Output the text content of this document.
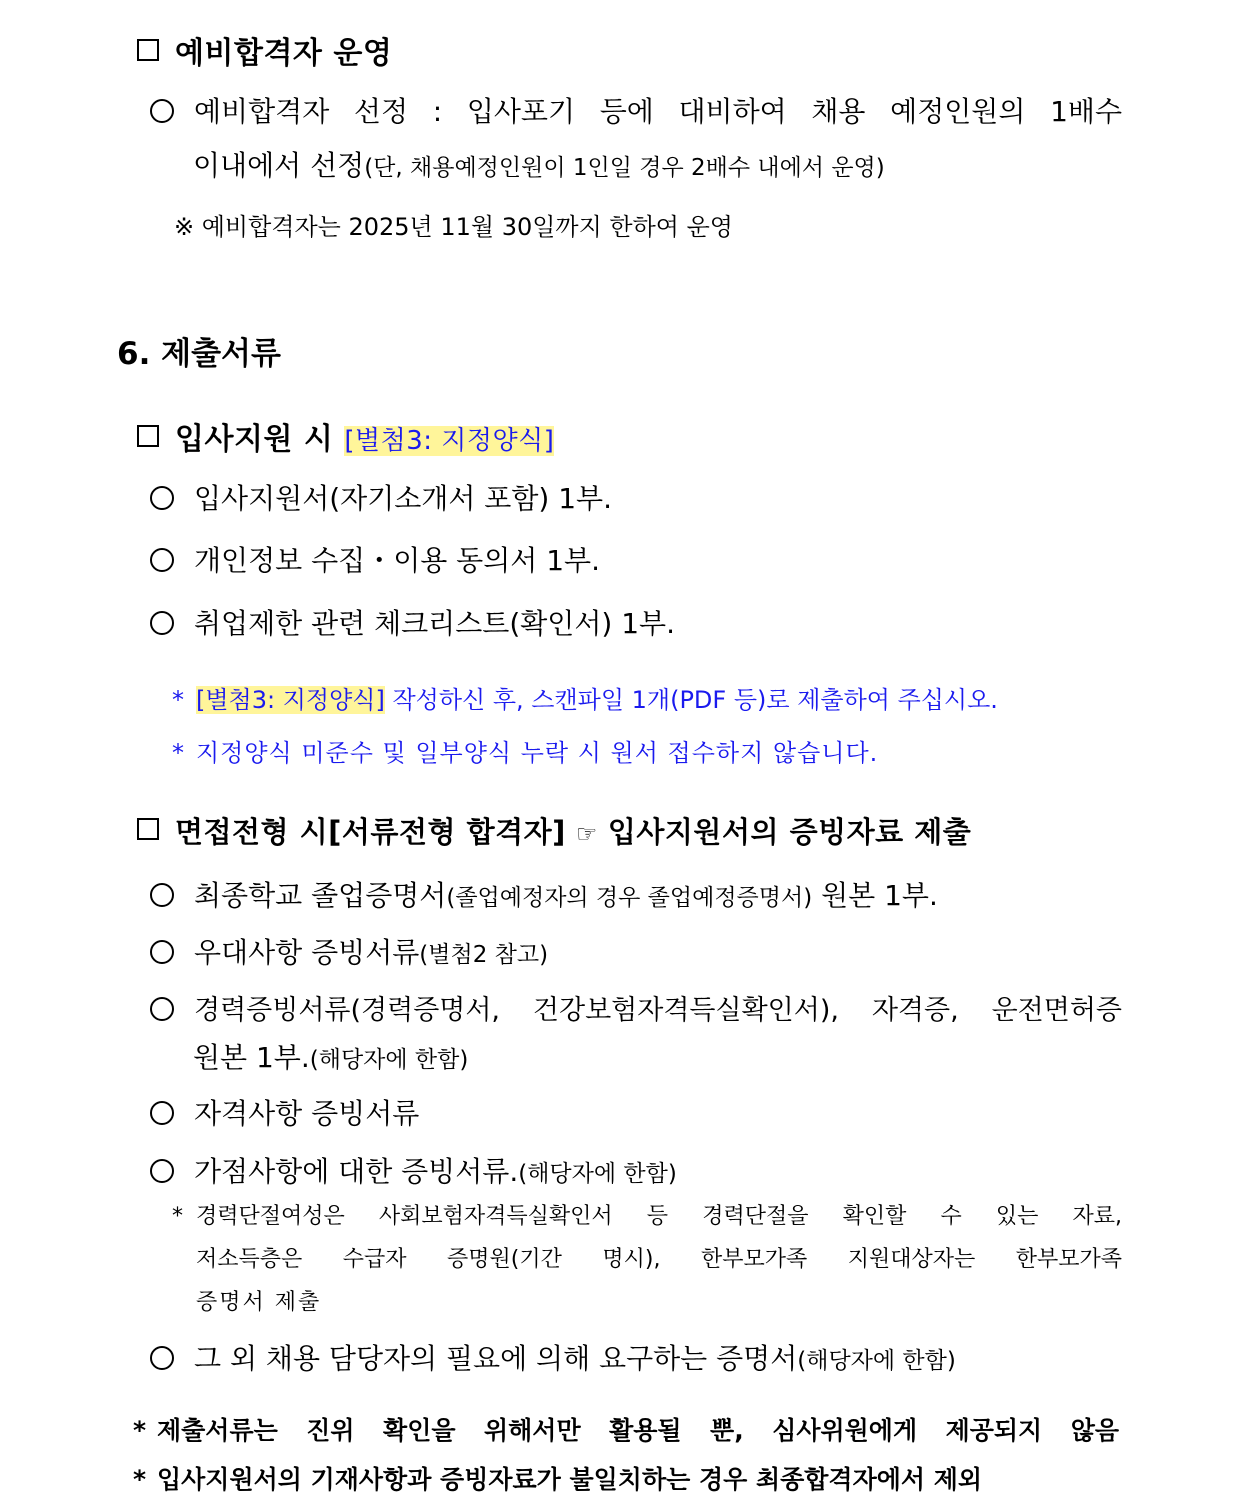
예비합격자 운영
예비합격자 선정 : 입사포기 등에 대비하여 채용 예정인원의 1배수
이내에서 선정(단, 채용예정인원이 1인일 경우 2배수 내에서 운영)
※ 예비합격자는 2025년 11월 30일까지 한하여 운영
6. 제출서류
입사지원 시 [별첨3: 지정양식]
입사지원서(자기소개서 포함) 1부.
개인정보 수집・이용 동의서 1부.
취업제한 관련 체크리스트(확인서) 1부.
* [별첨3: 지정양식] 작성하신 후, 스캔파일 1개(PDF 등)로 제출하여 주십시오.
* 지정양식 미준수 및 일부양식 누락 시 원서 접수하지 않습니다.
면접전형 시[서류전형 합격자] ☞ 입사지원서의 증빙자료 제출
최종학교 졸업증명서(졸업예정자의 경우 졸업예정증명서) 원본 1부.
우대사항 증빙서류(별첨2 참고)
경력증빙서류(경력증명서, 건강보험자격득실확인서), 자격증, 운전면허증
원본 1부.(해당자에 한함)
자격사항 증빙서류
가점사항에 대한 증빙서류.(해당자에 한함)
* 경력단절여성은 사회보험자격득실확인서 등 경력단절을 확인할 수 있는 자료,
저소득층은 수급자 증명원(기간 명시), 한부모가족 지원대상자는 한부모가족
증명서 제출
그 외 채용 담당자의 필요에 의해 요구하는 증명서(해당자에 한함)
* 제출서류는 진위 확인을 위해서만 활용될 뿐, 심사위원에게 제공되지 않음
* 입사지원서의 기재사항과 증빙자료가 불일치하는 경우 최종합격자에서 제외
